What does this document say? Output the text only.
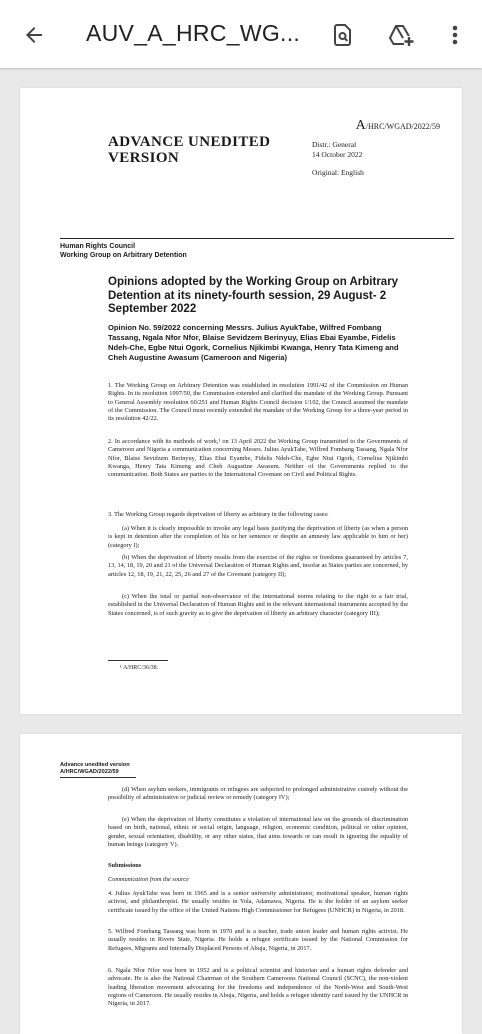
AUV_A_HRC_WG...
A/HRC/WGAD/2022/59
ADVANCE UNEDITED
VERSION
Distr.: General
14 October 2022
Original: English
Human Rights Council
Working Group on Arbitrary Detention
Opinions adopted by the Working Group on Arbitrary Detention at its ninety-fourth session, 29 August- 2 September 2022
Opinion No. 59/2022 concerning Messrs. Julius AyukTabe, Wilfred Fombang Tassang, Ngala Nfor Nfor, Blaise Sevidzem Berinyuy, Elias Ebai Eyambe, Fidelis Ndeh-Che, Egbe Ntui Ogork, Cornelius Njikimbi Kwanga, Henry Tata Kimeng and Cheh Augustine Awasum (Cameroon and Nigeria)
1. The Working Group on Arbitrary Detention was established in resolution 1991/42 of the Commission on Human Rights. In its resolution 1997/50, the Commission extended and clarified the mandate of the Working Group. Pursuant to General Assembly resolution 60/251 and Human Rights Council decision 1/102, the Council assumed the mandate of the Commission. The Council most recently extended the mandate of the Working Group for a three-year period in its resolution 42/22.
2. In accordance with its methods of work,¹ on 13 April 2022 the Working Group transmitted to the Governments of Cameroon and Nigeria a communication concerning Messrs. Julius AyukTabe, Wilfred Fombang Tassang, Ngala Nfor Nfor, Blaise Sevidzem Berinyuy, Elias Ebai Eyambe, Fidelis Ndeh-Che, Egbe Ntui Ogork, Cornelius Njikimbi Kwanga, Henry Tata Kimeng and Cheh Augustine Awasum. Neither of the Governments replied to the communication. Both States are parties to the International Covenant on Civil and Political Rights.
3. The Working Group regards deprivation of liberty as arbitrary in the following cases:
(a) When it is clearly impossible to invoke any legal basis justifying the deprivation of liberty (as when a person is kept in detention after the completion of his or her sentence or despite an amnesty law applicable to him or her) (category I);
(b) When the deprivation of liberty results from the exercise of the rights or freedoms guaranteed by articles 7, 13, 14, 18, 19, 20 and 21 of the Universal Declaration of Human Rights and, insofar as States parties are concerned, by articles 12, 18, 19, 21, 22, 25, 26 and 27 of the Covenant (category II);
(c) When the total or partial non-observance of the international norms relating to the right to a fair trial, established in the Universal Declaration of Human Rights and in the relevant international instruments accepted by the States concerned, is of such gravity as to give the deprivation of liberty an arbitrary character (category III);
¹ A/HRC/36/38.
Advance unedited version
A/HRC/WGAD/2022/59
(d) When asylum seekers, immigrants or refugees are subjected to prolonged administrative custody without the possibility of administrative or judicial review or remedy (category IV);
(e) When the deprivation of liberty constitutes a violation of international law on the grounds of discrimination based on birth, national, ethnic or social origin, language, religion, economic condition, political or other opinion, gender, sexual orientation, disability, or any other status, that aims towards or can result in ignoring the equality of human beings (category V).
Submissions
Communication from the source
4. Julius AyukTabe was born in 1965 and is a senior university administrator, motivational speaker, human rights activist, and philanthropist. He usually resides in Yola, Adamawa, Nigeria. He is the holder of an asylum seeker certificate issued by the office of the United Nations High Commissioner for Refugees (UNHCR) in Nigeria, in 2018.
5. Wilfred Fombang Tassang was born in 1970 and is a teacher, trade union leader and human rights activist. He usually resides in Rivers State, Nigeria. He holds a refugee certificate issued by the National Commission for Refugees, Migrants and Internally Displaced Persons of Abuja, Nigeria, in 2017.
6. Ngala Nfor Nfor was born in 1952 and is a political scientist and historian and a human rights defender and advocate. He is also the National Chairman of the Southern Cameroons National Council (SCNC), the non-violent leading liberation movement advocating for the freedoms and independence of the North-West and South-West regions of Cameroon. He usually resides in Abuja, Nigeria, and holds a refugee identity card issued by the UNHCR in Nigeria, in 2017.
